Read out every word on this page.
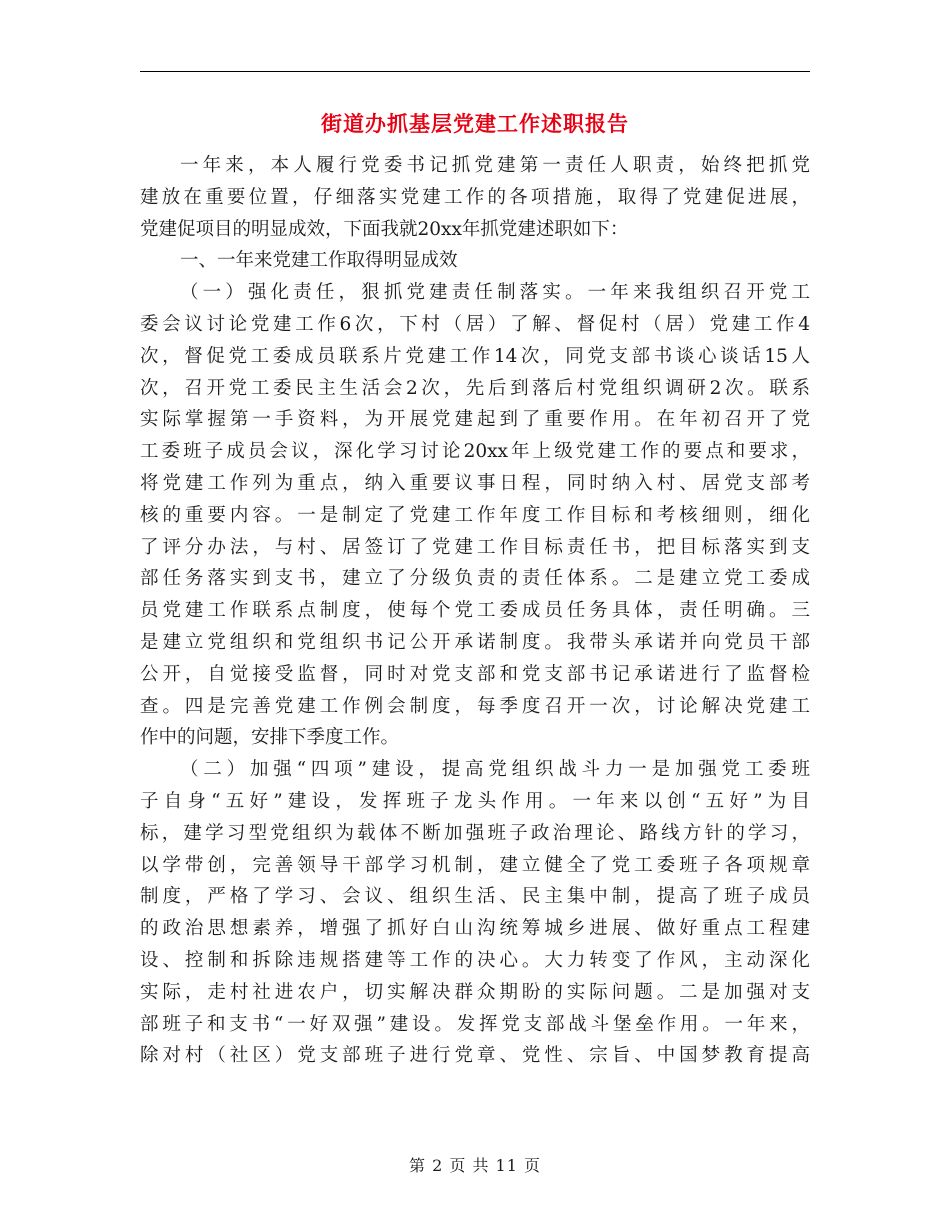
街道办抓基层党建工作述职报告
一年来，本人履行党委书记抓党建第一责任人职责，始终把抓党
建放在重要位置，仔细落实党建工作的各项措施，取得了党建促进展，
党建促项目的明显成效，下面我就20xx年抓党建述职如下：
一、一年来党建工作取得明显成效
（一）强化责任，狠抓党建责任制落实。一年来我组织召开党工
委会议讨论党建工作6次，下村（居）了解、督促村（居）党建工作4
次，督促党工委成员联系片党建工作14次，同党支部书谈心谈话15人
次，召开党工委民主生活会2次，先后到落后村党组织调研2次。联系
实际掌握第一手资料，为开展党建起到了重要作用。在年初召开了党
工委班子成员会议，深化学习讨论20xx年上级党建工作的要点和要求，
将党建工作列为重点，纳入重要议事日程，同时纳入村、居党支部考
核的重要内容。一是制定了党建工作年度工作目标和考核细则，细化
了评分办法，与村、居签订了党建工作目标责任书，把目标落实到支
部任务落实到支书，建立了分级负责的责任体系。二是建立党工委成
员党建工作联系点制度，使每个党工委成员任务具体，责任明确。三
是建立党组织和党组织书记公开承诺制度。我带头承诺并向党员干部
公开，自觉接受监督，同时对党支部和党支部书记承诺进行了监督检
查。四是完善党建工作例会制度，每季度召开一次，讨论解决党建工
作中的问题，安排下季度工作。
（二）加强“四项”建设，提高党组织战斗力一是加强党工委班
子自身“五好”建设，发挥班子龙头作用。一年来以创“五好”为目
标，建学习型党组织为载体不断加强班子政治理论、路线方针的学习，
以学带创，完善领导干部学习机制，建立健全了党工委班子各项规章
制度，严格了学习、会议、组织生活、民主集中制，提高了班子成员
的政治思想素养，增强了抓好白山沟统筹城乡进展、做好重点工程建
设、控制和拆除违规搭建等工作的决心。大力转变了作风，主动深化
实际，走村社进农户，切实解决群众期盼的实际问题。二是加强对支
部班子和支书“一好双强”建设。发挥党支部战斗堡垒作用。一年来，
除对村（社区）党支部班子进行党章、党性、宗旨、中国梦教育提高
第 2 页 共 11 页
